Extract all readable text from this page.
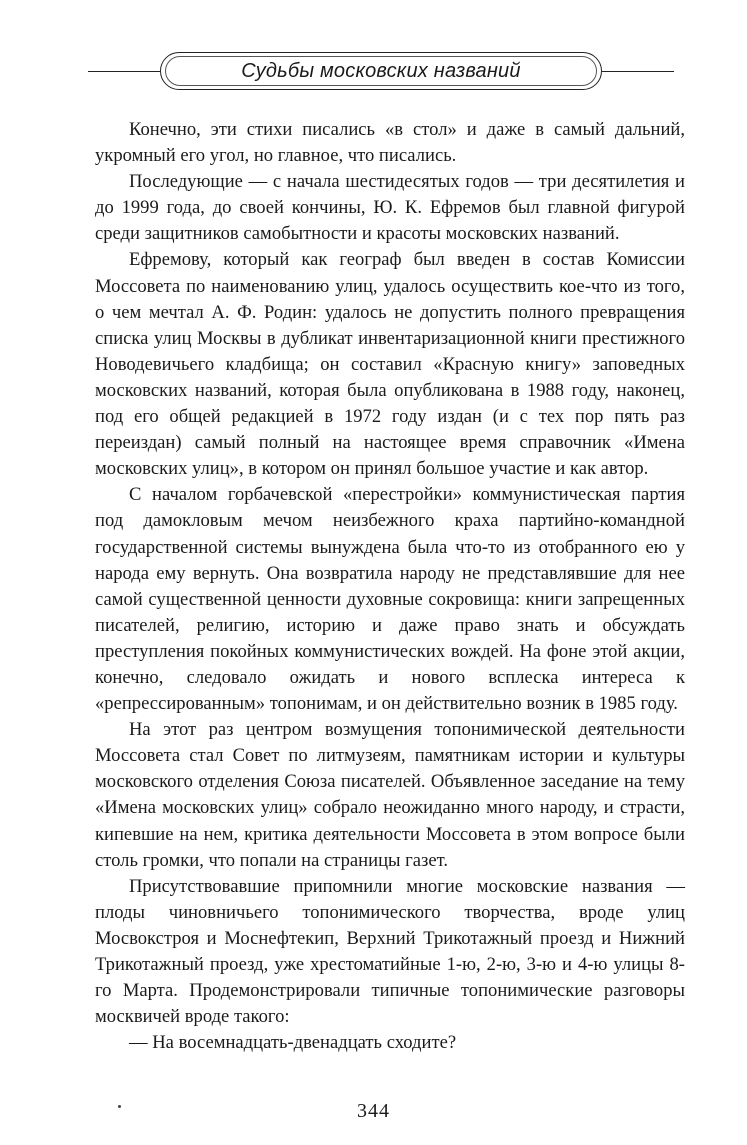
Судьбы московских названий

Конечно, эти стихи писались «в стол» и даже в самый дальний, укромный его угол, но главное, что писались.

Последующие — с начала шестидесятых годов — три десятилетия и до 1999 года, до своей кончины, Ю. К. Ефремов был главной фигурой среди защитников самобытности и красоты московских названий.

Ефремову, который как географ был введен в состав Комиссии Моссовета по наименованию улиц, удалось осуществить кое-что из того, о чем мечтал А. Ф. Родин: удалось не допустить полного превращения списка улиц Москвы в дубликат инвентаризационной книги престижного Новодевичьего кладбища; он составил «Красную книгу» заповедных московских названий, которая была опубликована в 1988 году, наконец, под его общей редакцией в 1972 году издан (и с тех пор пять раз переиздан) самый полный на настоящее время справочник «Имена московских улиц», в котором он принял большое участие и как автор.

С началом горбачевской «перестройки» коммунистическая партия под дамокловым мечом неизбежного краха партийно-командной государственной системы вынуждена была что-то из отобранного ею у народа ему вернуть. Она возвратила народу не представлявшие для нее самой существенной ценности духовные сокровища: книги запрещенных писателей, религию, историю и даже право знать и обсуждать преступления покойных коммунистических вождей. На фоне этой акции, конечно, следовало ожидать и нового всплеска интереса к «репрессированным» топонимам, и он действительно возник в 1985 году.

На этот раз центром возмущения топонимической деятельности Моссовета стал Совет по литмузеям, памятникам истории и культуры московского отделения Союза писателей. Объявленное заседание на тему «Имена московских улиц» собрало неожиданно много народу, и страсти, кипевшие на нем, критика деятельности Моссовета в этом вопросе были столь громки, что попали на страницы газет.

Присутствовавшие припомнили многие московские названия — плоды чиновничьего топонимического творчества, вроде улиц Мосвокстроя и Моснефтекип, Верхний Трикотажный проезд и Нижний Трикотажный проезд, уже хрестоматийные 1-ю, 2-ю, 3-ю и 4-ю улицы 8-го Марта. Продемонстрировали типичные топонимические разговоры москвичей вроде такого:

— На восемнадцать-двенадцать сходите?

344
